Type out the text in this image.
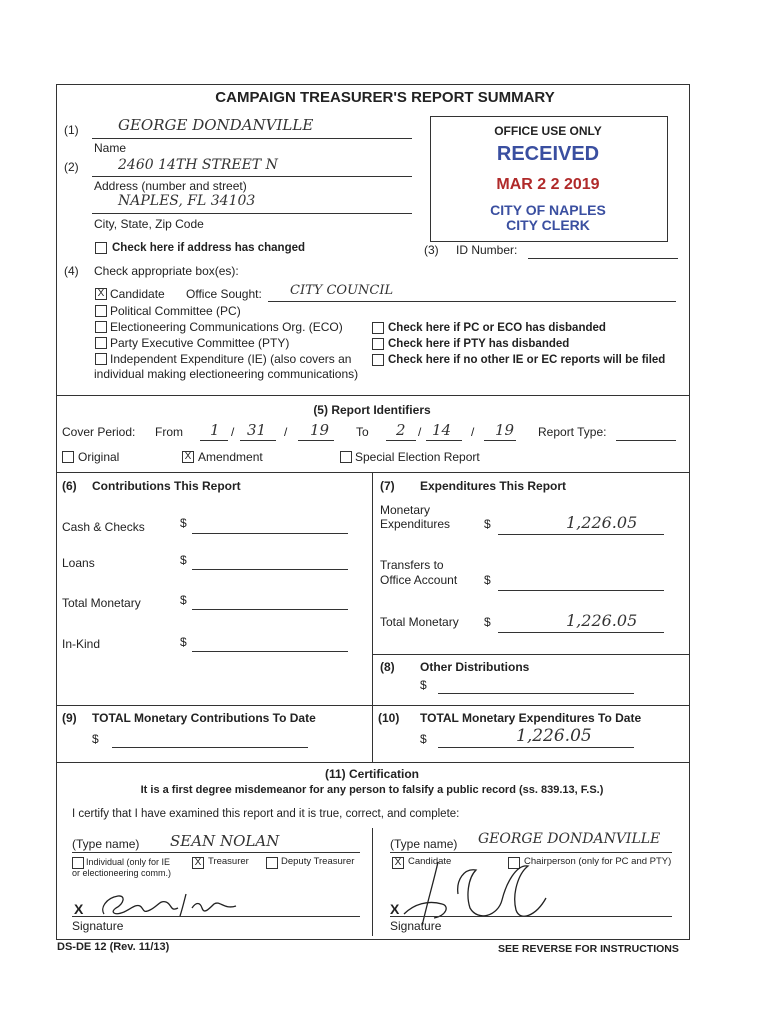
CAMPAIGN TREASURER'S REPORT SUMMARY
OFFICE USE ONLY
RECEIVED
MAR 2 2 2019
CITY OF NAPLES
CITY CLERK
(1)	GEORGE DONDANVILLE
Name
(2)	2460 14TH STREET N
Address (number and street)
NAPLES, FL 34103
City, State, Zip Code
Check here if address has changed	(3) ID Number:
(4) Check appropriate box(es):
X Candidate Office Sought: CITY COUNCIL
Political Committee (PC)
Electioneering Communications Org. (ECO)
Party Executive Committee (PTY)
Independent Expenditure (IE) (also covers an
individual making electioneering communications)
Check here if PC or ECO has disbanded
Check here if PTY has disbanded
Check here if no other IE or EC reports will be filed
(5) Report Identifiers
Cover Period: From 1 / 31 / 19 To 2 / 14 / 19 Report Type:
Original	X Amendment	Special Election Report
(6) Contributions This Report
Cash & Checks	$
Loans	$
Total Monetary	$
In-Kind	$
(7) Expenditures This Report
Monetary
Expenditures	$	1,226.05
Transfers to
Office Account $
Total Monetary $	1,226.05
(8) Other Distributions
$
(9) TOTAL Monetary Contributions To Date
$
(10) TOTAL Monetary Expenditures To Date
$	1,226.05
(11) Certification
It is a first degree misdemeanor for any person to falsify a public record (ss. 839.13, F.S.)
I certify that I have examined this report and it is true, correct, and complete:
(Type name) SEAN NOLAN
Individual (only for IE
or electioneering comm.)
X Treasurer	Deputy Treasurer
X
Signature
(Type name) GEORGE DONDANVILLE
X Candidate	Chairperson (only for PC and PTY)
X
Signature
DS-DE 12 (Rev. 11/13)	SEE REVERSE FOR INSTRUCTIONS
